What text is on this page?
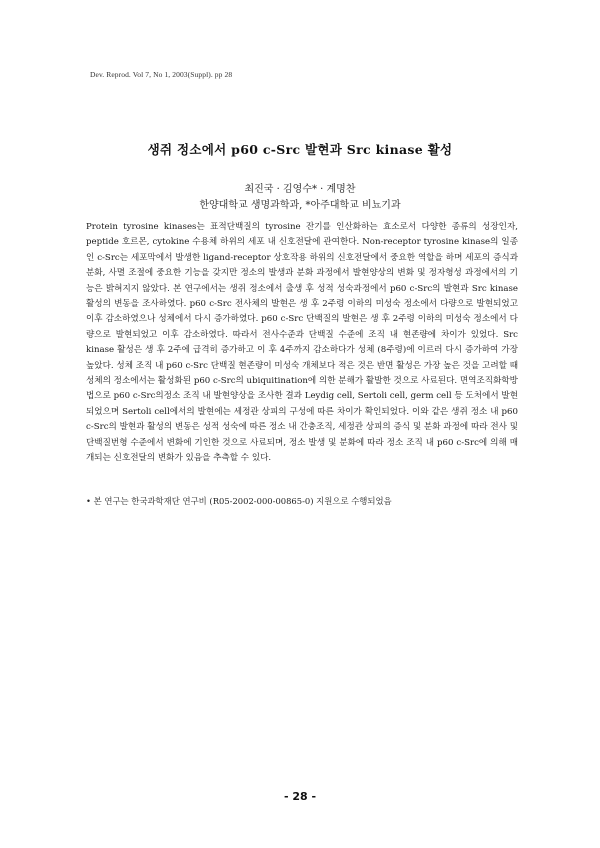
Dev. Reprod. Vol 7, No 1, 2003(Suppl). pp 28
생쥐 정소에서 p60 c-Src 발현과 Src kinase 활성
최진국 · 김영수* · 계명찬
한양대학교 생명과학과, *아주대학교 비뇨기과

Protein tyrosine kinases는 표적단백질의 tyrosine 잔기를 인산화하는 효소로서 다양한 종류의 성장인자, peptide 호르몬, cytokine 수용체 하위의 세포 내 신호전달에 관여한다. Non-receptor tyrosine kinase의 일종인 c-Src는 세포막에서 발생한 ligand-receptor 상호작용 하위의 신호전달에서 중요한 역할을 하며 세포의 증식과 분화, 사멸 조절에 중요한 기능을 갖지만 정소의 발생과 분화 과정에서 발현양상의 변화 및 정자형성 과정에서의 기능은 밝혀지지 않았다. 본 연구에서는 생쥐 정소에서 출생 후 성적 성숙과정에서 p60 c-Src의 발현과 Src kinase 활성의 변동을 조사하였다. p60 c-Src 전사체의 발현은 생 후 2주령 이하의 미성숙 정소에서 다량으로 발현되었고 이후 감소하였으나 성체에서 다시 증가하였다. p60 c-Src 단백질의 발현은 생 후 2주령 이하의 미성숙 정소에서 다량으로 발현되었고 이후 감소하였다. 따라서 전사수준과 단백질 수준에 조직 내 현존량에 차이가 있었다. Src kinase 활성은 생 후 2주에 급격히 증가하고 이 후 4주까지 감소하다가 성체 (8주령)에 이르러 다시 증가하여 가장 높았다. 성체 조직 내 p60 c-Src 단백질 현존량이 미성숙 개체보다 적은 것은 반면 활성은 가장 높은 것을 고려할 때 성체의 정소에서는 활성화된 p60 c-Src의 ubiquitination에 의한 분해가 활발한 것으로 사료된다. 면역조직화학방법으로 p60 c-Src의정소 조직 내 발현양상을 조사한 결과 Leydig cell, Sertoli cell, germ cell 등 도처에서 발현되었으며 Sertoli cell에서의 발현에는 세정관 상피의 구성에 따른 차이가 확인되었다. 이와 같은 생쥐 정소 내 p60 c-Src의 발현과 활성의 변동은 성적 성숙에 따른 정소 내 간충조직, 세정관 상피의 증식 및 분화 과정에 따라 전사 및 단백질번형 수준에서 변화에 기인한 것으로 사료되며, 정소 발생 및 분화에 따라 정소 조직 내 p60 c-Src에 의해 매개되는 신호전달의 변화가 있음을 추측할 수 있다.

• 본 연구는 한국과학재단 연구비 (R05-2002-000-00865-0) 지원으로 수행되었음
- 28 -
